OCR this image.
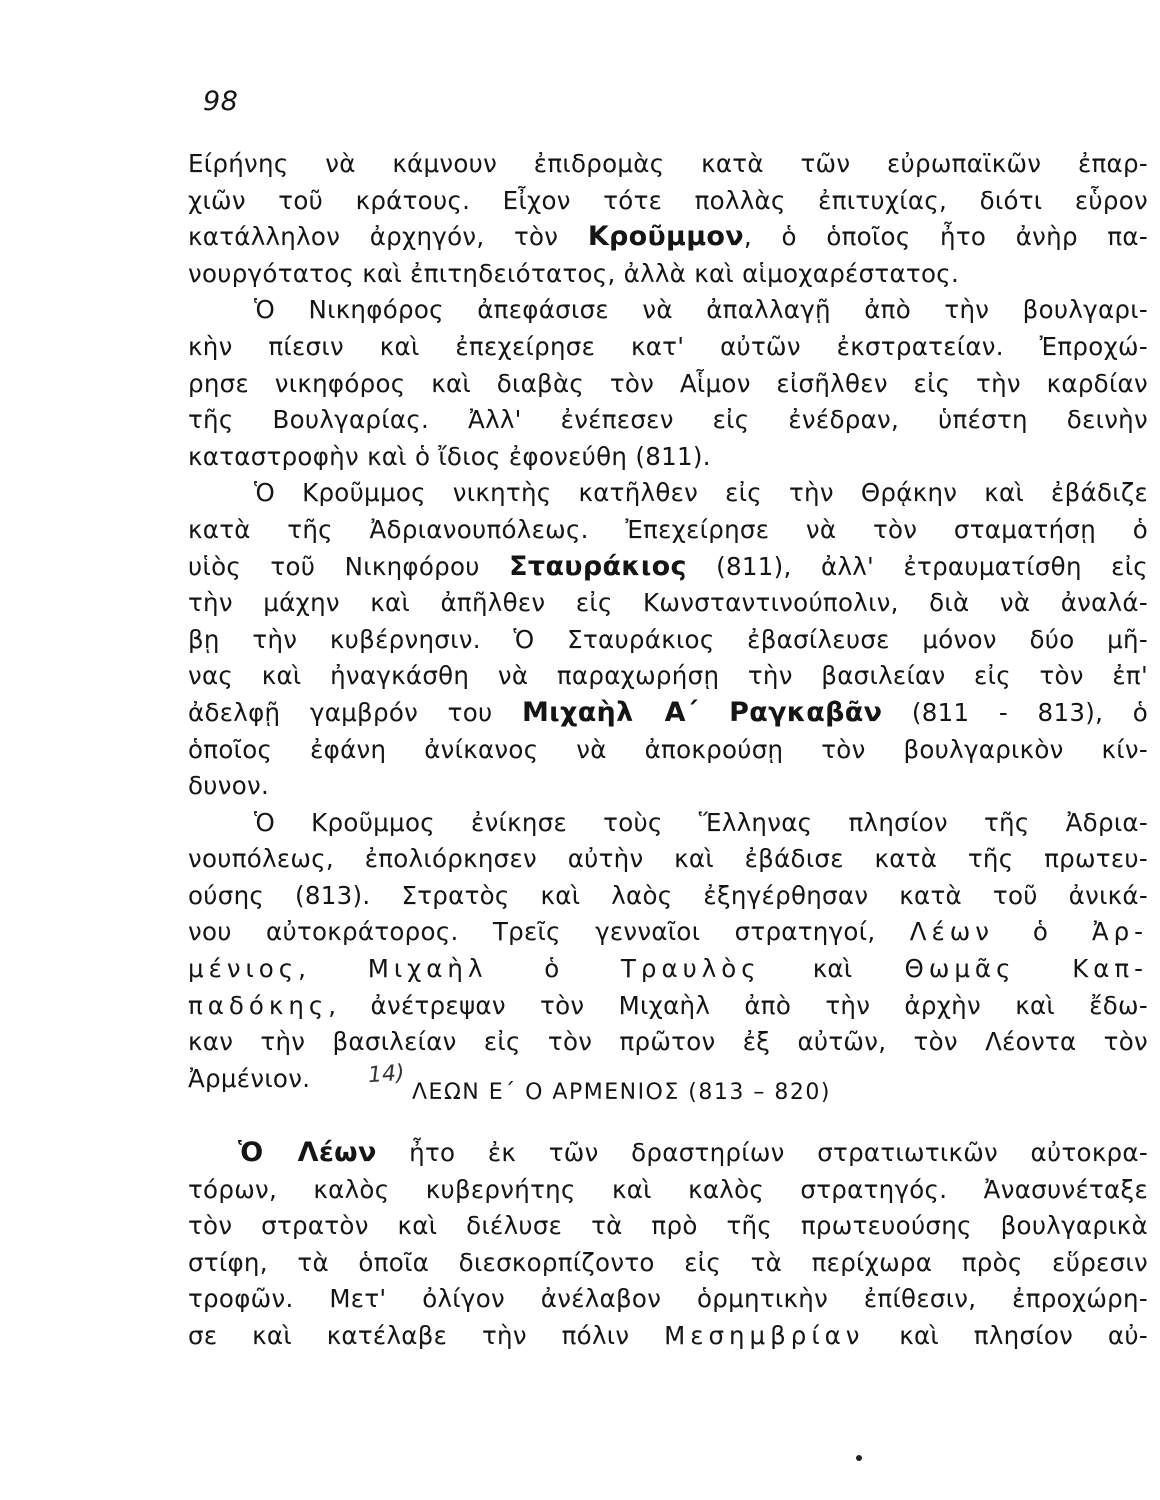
98
Είρήνης νὰ κάμνουν ἐπιδρομὰς κατὰ τῶν εὐρωπαϊκῶν ἐπαρ-
χιῶν τοῦ κράτους. Εἶχον τότε πολλὰς ἐπιτυχίας, διότι εὗρον
κατάλληλον ἀρχηγόν, τὸν Κροῦμμον, ὁ ὁποῖος ἦτο ἀνὴρ πα-
νουργότατος καὶ ἐπιτηδειότατος, ἀλλὰ καὶ αἱμοχαρέστατος.
Ὁ Νικηφόρος ἀπεφάσισε νὰ ἀπαλλαγῇ ἀπὸ τὴν βουλγαρι-
κὴν πίεσιν καὶ ἐπεχείρησε κατ' αὐτῶν ἐκστρατείαν. Ἐπροχώ-
ρησε νικηφόρος καὶ διαβὰς τὸν Αἷμον εἰσῆλθεν εἰς τὴν καρδίαν
τῆς Βουλγαρίας. Ἀλλ' ἐνέπεσεν εἰς ἐνέδραν, ὑπέστη δεινὴν
καταστροφὴν καὶ ὁ ἴδιος ἐφονεύθη (811).
Ὁ Κροῦμμος νικητὴς κατῆλθεν εἰς τὴν Θρᾴκην καὶ ἐβάδιζε
κατὰ τῆς Ἀδριανουπόλεως. Ἐπεχείρησε νὰ τὸν σταματήσῃ ὁ
υἱὸς τοῦ Νικηφόρου Σταυράκιος (811), ἀλλ' ἐτραυματίσθη εἰς
τὴν μάχην καὶ ἀπῆλθεν εἰς Κωνσταντινούπολιν, διὰ νὰ ἀναλά-
βῃ τὴν κυβέρνησιν. Ὁ Σταυράκιος ἐβασίλευσε μόνον δύο μῆ-
νας καὶ ἠναγκάσθη νὰ παραχωρήσῃ τὴν βασιλείαν εἰς τὸν ἐπ'
ἀδελφῇ γαμβρόν του Μιχαὴλ Α΄ Ραγκαβᾶν (811 - 813), ὁ
ὁποῖος ἐφάνη ἀνίκανος νὰ ἀποκρούσῃ τὸν βουλγαρικὸν κίν-
δυνον.
Ὁ Κροῦμμος ἐνίκησε τοὺς Ἕλληνας πλησίον τῆς Ἀδρια-
νουπόλεως, ἐπολιόρκησεν αὐτὴν καὶ ἐβάδισε κατὰ τῆς πρωτευ-
ούσης (813). Στρατὸς καὶ λαὸς ἐξηγέρθησαν κατὰ τοῦ ἀνικά-
νου αὐτοκράτορος. Τρεῖς γενναῖοι στρατηγοί, Λέων ὁ Ἀρ-
μένιος, Μιχαὴλ ὁ Τραυλὸς καὶ Θωμᾶς Καπ-
παδόκης, ἀνέτρεψαν τὸν Μιχαὴλ ἀπὸ τὴν ἀρχὴν καὶ ἔδω-
καν τὴν βασιλείαν εἰς τὸν πρῶτον ἐξ αὐτῶν, τὸν Λέοντα τὸν
Ἀρμένιον.	14)
ΛΕΩΝ Ε΄ Ο ΑΡΜΕΝΙΟΣ (813 – 820)
Ὁ Λέων ἦτο ἐκ τῶν δραστηρίων στρατιωτικῶν αὐτοκρα-
τόρων, καλὸς κυβερνήτης καὶ καλὸς στρατηγός. Ἀνασυνέταξε
τὸν στρατὸν καὶ διέλυσε τὰ πρὸ τῆς πρωτευούσης βουλγαρικὰ
στίφη, τὰ ὁποῖα διεσκορπίζοντο εἰς τὰ περίχωρα πρὸς εὕρεσιν
τροφῶν. Μετ' ὀλίγον ἀνέλαβον ὁρμητικὴν ἐπίθεσιν, ἐπροχώρη-
σε καὶ κατέλαβε τὴν πόλιν Μεσημβρίαν καὶ πλησίον αὐ-
